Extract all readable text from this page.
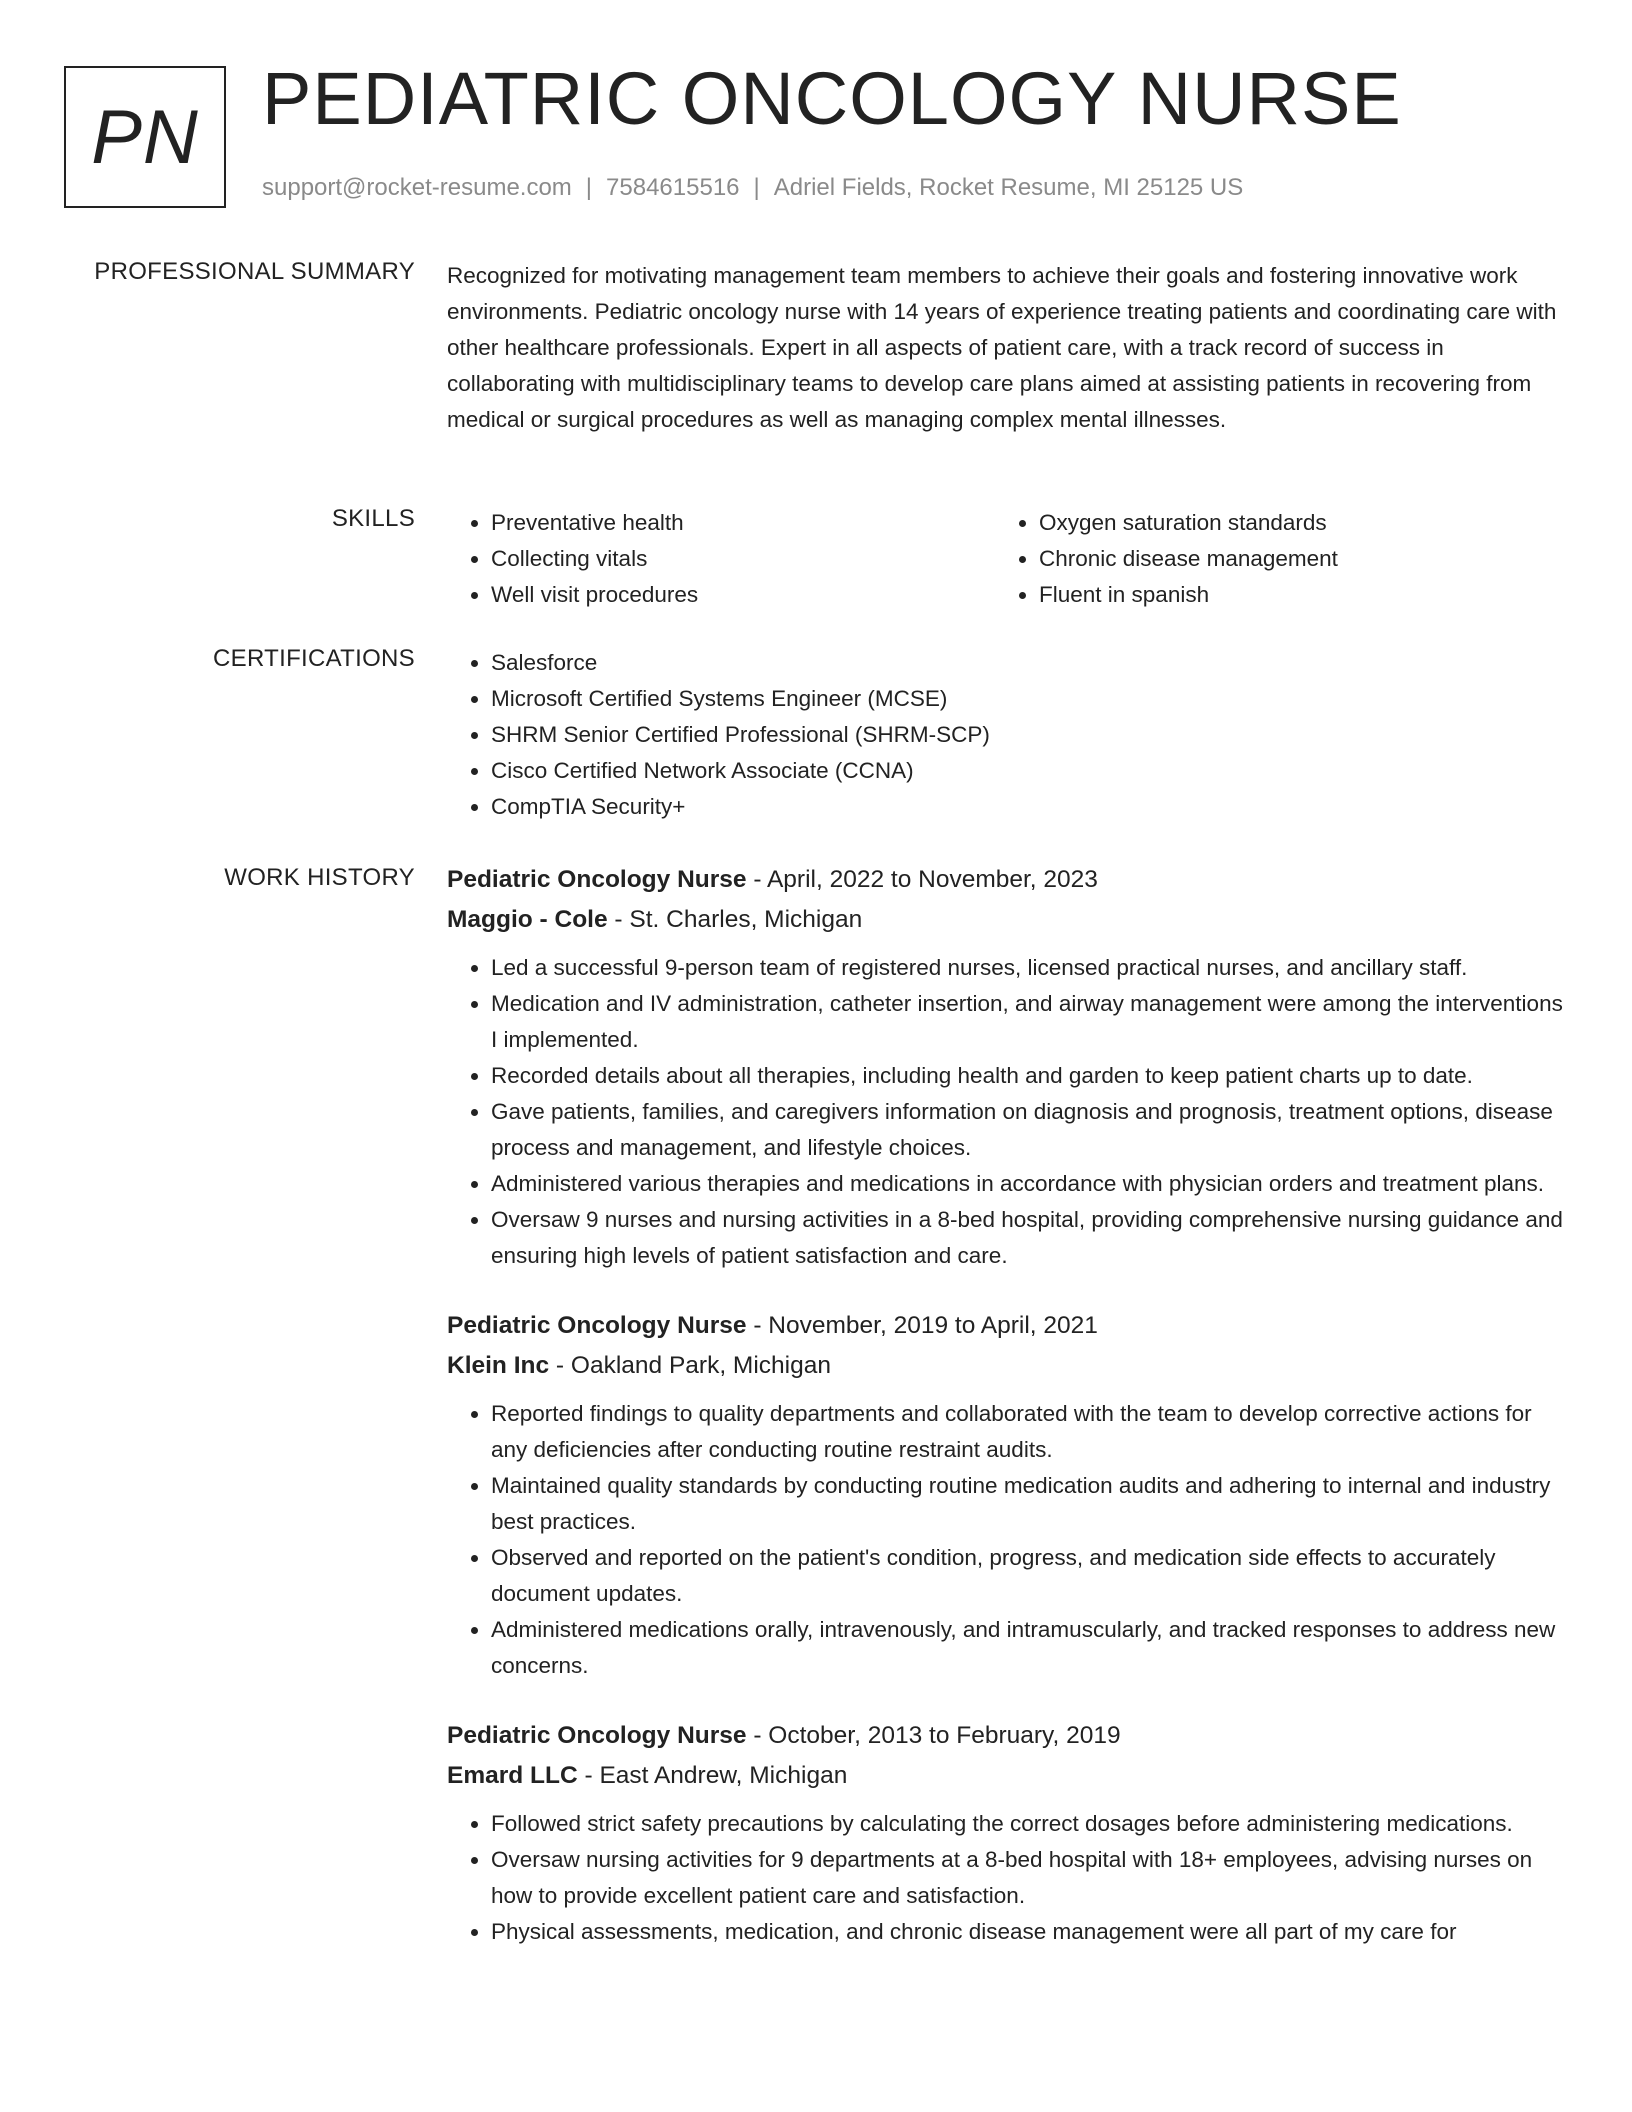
PN PEDIATRIC ONCOLOGY NURSE
support@rocket-resume.com | 7584615516 | Adriel Fields, Rocket Resume, MI 25125 US
PROFESSIONAL SUMMARY Recognized for motivating management team members to achieve their goals and fostering innovative work environments. Pediatric oncology nurse with 14 years of experience treating patients and coordinating care with other healthcare professionals. Expert in all aspects of patient care, with a track record of success in collaborating with multidisciplinary teams to develop care plans aimed at assisting patients in recovering from medical or surgical procedures as well as managing complex mental illnesses.
SKILLS	• Preventative health
• Collecting vitals
• Well visit procedures
• Oxygen saturation standards
• Chronic disease management
• Fluent in spanish
CERTIFICATIONS	• Salesforce
• Microsoft Certified Systems Engineer (MCSE)
• SHRM Senior Certified Professional (SHRM-SCP)
• Cisco Certified Network Associate (CCNA)
• CompTIA Security+
WORK HISTORY Pediatric Oncology Nurse - April, 2022 to November, 2023
Maggio - Cole - St. Charles, Michigan
• Led a successful 9-person team of registered nurses, licensed practical nurses, and ancillary staff.
• Medication and IV administration, catheter insertion, and airway management were among the interventions I implemented.
• Recorded details about all therapies, including health and garden to keep patient charts up to date.
• Gave patients, families, and caregivers information on diagnosis and prognosis, treatment options, disease process and management, and lifestyle choices.
• Administered various therapies and medications in accordance with physician orders and treatment plans.
• Oversaw 9 nurses and nursing activities in a 8-bed hospital, providing comprehensive nursing guidance and ensuring high levels of patient satisfaction and care.
Pediatric Oncology Nurse - November, 2019 to April, 2021
Klein Inc - Oakland Park, Michigan
• Reported findings to quality departments and collaborated with the team to develop corrective actions for any deficiencies after conducting routine restraint audits.
• Maintained quality standards by conducting routine medication audits and adhering to internal and industry best practices.
• Observed and reported on the patient's condition, progress, and medication side effects to accurately document updates.
• Administered medications orally, intravenously, and intramuscularly, and tracked responses to address new concerns.
Pediatric Oncology Nurse - October, 2013 to February, 2019
Emard LLC - East Andrew, Michigan
• Followed strict safety precautions by calculating the correct dosages before administering medications.
• Oversaw nursing activities for 9 departments at a 8-bed hospital with 18+ employees, advising nurses on how to provide excellent patient care and satisfaction.
• Physical assessments, medication, and chronic disease management were all part of my care for
